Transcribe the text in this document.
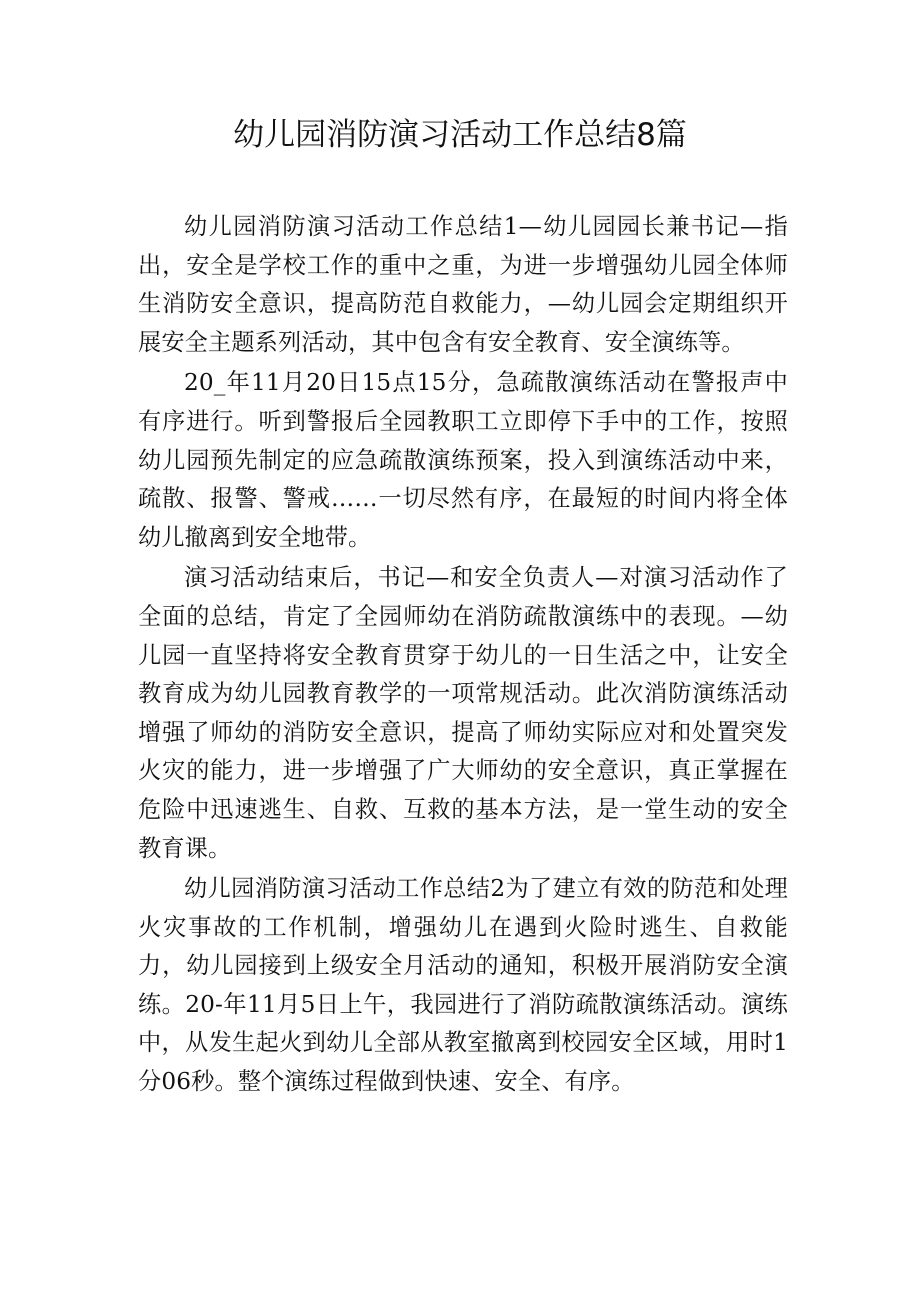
幼儿园消防演习活动工作总结8篇

幼儿园消防演习活动工作总结1—幼儿园园长兼书记—指出，安全是学校工作的重中之重，为进一步增强幼儿园全体师生消防安全意识，提高防范自救能力，—幼儿园会定期组织开展安全主题系列活动，其中包含有安全教育、安全演练等。

20_年11月20日15点15分，急疏散演练活动在警报声中有序进行。听到警报后全园教职工立即停下手中的工作，按照幼儿园预先制定的应急疏散演练预案，投入到演练活动中来，疏散、报警、警戒……一切尽然有序，在最短的时间内将全体幼儿撤离到安全地带。

演习活动结束后，书记—和安全负责人—对演习活动作了全面的总结，肯定了全园师幼在消防疏散演练中的表现。—幼儿园一直坚持将安全教育贯穿于幼儿的一日生活之中，让安全教育成为幼儿园教育教学的一项常规活动。此次消防演练活动增强了师幼的消防安全意识，提高了师幼实际应对和处置突发火灾的能力，进一步增强了广大师幼的安全意识，真正掌握在危险中迅速逃生、自救、互救的基本方法，是一堂生动的安全教育课。

幼儿园消防演习活动工作总结2为了建立有效的防范和处理火灾事故的工作机制，增强幼儿在遇到火险时逃生、自救能力，幼儿园接到上级安全月活动的通知，积极开展消防安全演练。20-年11月5日上午，我园进行了消防疏散演练活动。演练中，从发生起火到幼儿全部从教室撤离到校园安全区域，用时1分06秒。整个演练过程做到快速、安全、有序。
